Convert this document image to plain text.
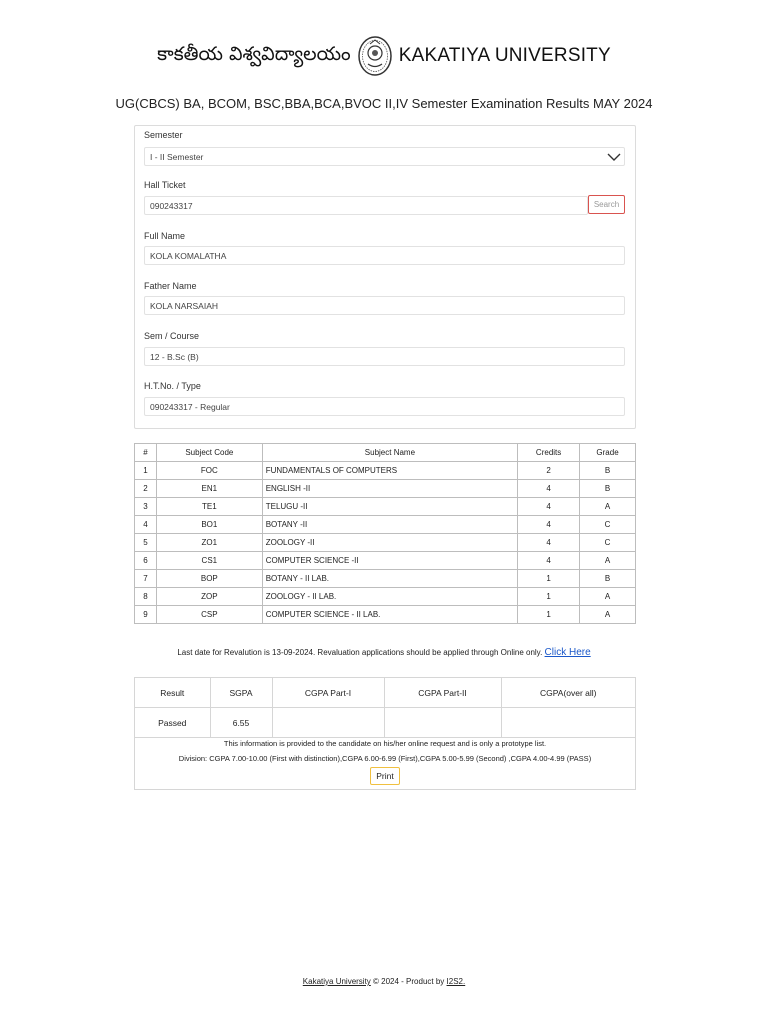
కాకతీయ విశ్వవిద్యాలయం	KAKATIYA UNIVERSITY
UG(CBCS) BA, BCOM, BSC,BBA,BCA,BVOC II,IV Semester Examination Results MAY 2024
Semester
I - II Semester
Hall Ticket
090243317	Search
Full Name
KOLA KOMALATHA
Father Name
KOLA NARSAIAH
Sem / Course
12 - B.Sc (B)
H.T.No. / Type
090243317 - Regular
#	Subject Code	Subject Name	Credits	Grade
1	FOC	FUNDAMENTALS OF COMPUTERS	2	B
2	EN1	ENGLISH -II	4	B
3	TE1	TELUGU -II	4	A
4	BO1	BOTANY -II	4	C
5	ZO1	ZOOLOGY -II	4	C
6	CS1	COMPUTER SCIENCE -II	4	A
7	BOP	BOTANY - II LAB.	1	B
8	ZOP	ZOOLOGY - II LAB.	1	A
9	CSP	COMPUTER SCIENCE - II LAB.	1	A
Last date for Revalution is 13-09-2024. Revaluation applications should be applied through Online only. Click Here
Result	SGPA	CGPA Part-I	CGPA Part-II	CGPA(over all)
Passed	6.55			
This information is provided to the candidate on his/her online request and is only a prototype list.
Division: CGPA 7.00-10.00 (First with distinction),CGPA 6.00-6.99 (First),CGPA 5.00-5.99 (Second) ,CGPA 4.00-4.99 (PASS)
Print
Kakatiya University © 2024 - Product by I2S2.
